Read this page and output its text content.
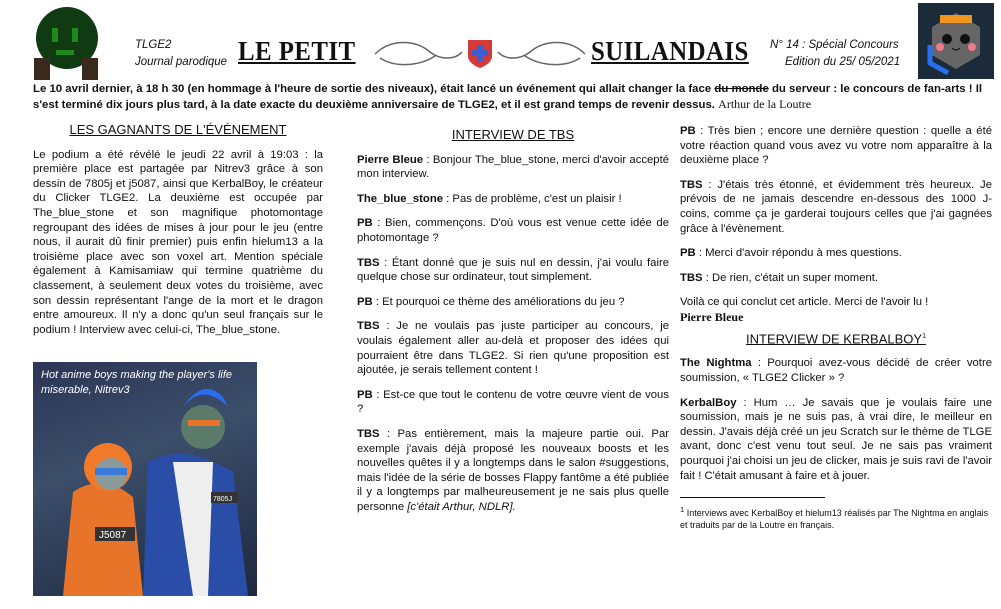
TLGE2
Journal parodique LE PETIT	SUILANDAIS N° 14 : Spécial Concours
Edition du 25/ 05/2021
Le 10 avril dernier, à 18 h 30 (en hommage à l'heure de sortie des niveaux), était lancé un événement qui allait changer la face du monde du serveur : le concours de fan-arts ! Il s'est terminé dix jours plus tard, à la date exacte du deuxième anniversaire de TLGE2, et il est grand temps de revenir dessus. Arthur de la Loutre
LES GAGNANTS DE L'ÉVÉNEMENT

Le podium a été révélé le jeudi 22 avril à 19:03 : la première place est partagée par Nitrev3 grâce à son dessin de 7805j et j5087, ainsi que KerbalBoy, le créateur du Clicker TLGE2. La deuxième est occupée par The_blue_stone et son magnifique photomontage regroupant des idées de mises à jour pour le jeu (entre nous, il aurait dû finir premier) puis enfin hielum13 a la troisième place avec son voxel art. Mention spéciale également à Kamisamiaw qui termine quatrième du classement, à seulement deux votes du troisième, avec son dessin représentant l'ange de la mort et le dragon entre amoureux. Il n'y a donc qu'un seul français sur le podium ! Interview avec celui-ci, The_blue_stone.

J5087
7805J
Hot anime boys making the player's life miserable, Nitrev3
INTERVIEW DE TBS

Pierre Bleue : Bonjour The_blue_stone, merci d'avoir accepté mon interview.

The_blue_stone : Pas de problème, c'est un plaisir !

PB : Bien, commençons. D'où vous est venue cette idée de photomontage ?

TBS : Étant donné que je suis nul en dessin, j'ai voulu faire quelque chose sur ordinateur, tout simplement.

PB : Et pourquoi ce thème des améliorations du jeu ?

TBS : Je ne voulais pas juste participer au concours, je voulais également aller au-delà et proposer des idées qui pourraient être dans TLGE2. Si rien qu'une proposition est ajoutée, je serais tellement content !

PB : Est-ce que tout le contenu de votre œuvre vient de vous ?

TBS : Pas entièrement, mais la majeure partie oui. Par exemple j'avais déjà proposé les nouveaux boosts et les nouvelles quêtes il y a longtemps dans le salon #suggestions, mais l'idée de la série de bosses Flappy fantôme a été publiée il y a longtemps par malheureusement je ne sais plus quelle personne [c'était Arthur, NDLR].

PB : Très bien ; encore une dernière question : quelle a été votre réaction quand vous avez vu votre nom apparaître à la deuxième place ?

TBS : J'étais très étonné, et évidemment très heureux. Je prévois de ne jamais descendre en-dessous des 1000 J-coins, comme ça je garderai toujours celles que j'ai gagnées grâce à l'évènement.

PB : Merci d'avoir répondu à mes questions.

TBS : De rien, c'était un super moment.

Voilà ce qui conclut cet article. Merci de l'avoir lu !
Pierre Bleue

INTERVIEW DE KERBALBOY$^1$

The Nightma : Pourquoi avez-vous décidé de créer votre soumission, « TLGE2 Clicker » ?

KerbalBoy : Hum … Je savais que je voulais faire une soumission, mais je ne suis pas, à vrai dire, le meilleur en dessin. J'avais déjà créé un jeu Scratch sur le thème de TLGE avant, donc c'est venu tout seul. Je ne sais pas vraiment pourquoi j'ai choisi un jeu de clicker, mais je suis ravi de l'avoir fait ! C'était amusant à faire et à jouer.

$^1$ Interviews avec KerbalBoy et hielum13 réalisés par The Nightma en anglais et traduits par de la Loutre en français.
